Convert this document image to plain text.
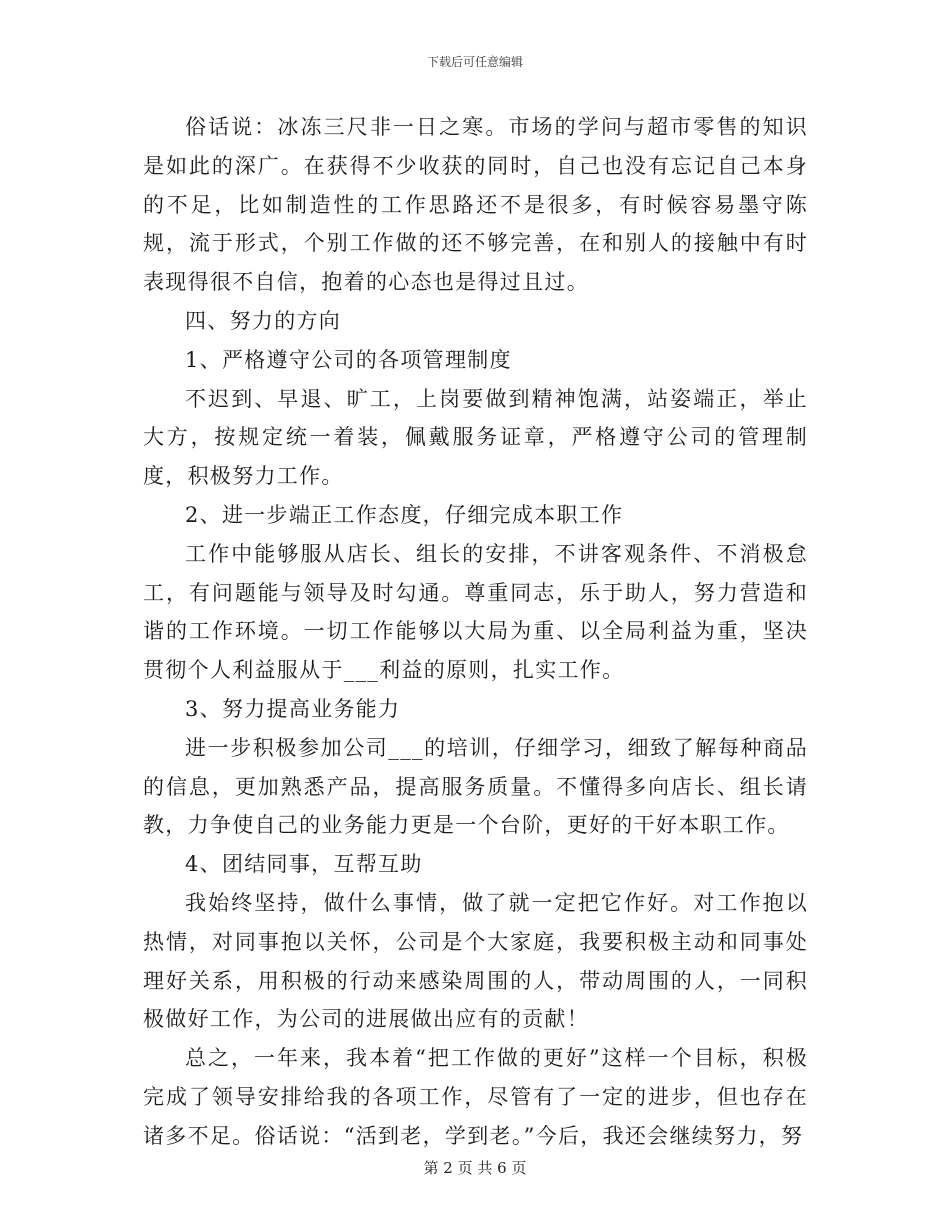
下载后可任意编辑

俗话说：冰冻三尺非一日之寒。市场的学问与超市零售的知识是如此的深广。在获得不少收获的同时，自己也没有忘记自己本身的不足，比如制造性的工作思路还不是很多，有时候容易墨守陈规，流于形式，个别工作做的还不够完善，在和别人的接触中有时表现得很不自信，抱着的心态也是得过且过。

四、努力的方向

1、严格遵守公司的各项管理制度

不迟到、早退、旷工，上岗要做到精神饱满，站姿端正，举止大方，按规定统一着装，佩戴服务证章，严格遵守公司的管理制度，积极努力工作。

2、进一步端正工作态度，仔细完成本职工作

工作中能够服从店长、组长的安排，不讲客观条件、不消极怠工，有问题能与领导及时勾通。尊重同志，乐于助人，努力营造和谐的工作环境。一切工作能够以大局为重、以全局利益为重，坚决贯彻个人利益服从于___利益的原则，扎实工作。

3、努力提高业务能力

进一步积极参加公司___的培训，仔细学习，细致了解每种商品的信息，更加熟悉产品，提高服务质量。不懂得多向店长、组长请教，力争使自己的业务能力更是一个台阶，更好的干好本职工作。

4、团结同事，互帮互助

我始终坚持，做什么事情，做了就一定把它作好。对工作抱以热情，对同事抱以关怀，公司是个大家庭，我要积极主动和同事处理好关系，用积极的行动来感染周围的人，带动周围的人，一同积极做好工作，为公司的进展做出应有的贡献！

总之，一年来，我本着“把工作做的更好”这样一个目标，积极完成了领导安排给我的各项工作，尽管有了一定的进步，但也存在诸多不足。俗话说：“活到老，学到老。”今后，我还会继续努力，努

第 2 页 共 6 页
